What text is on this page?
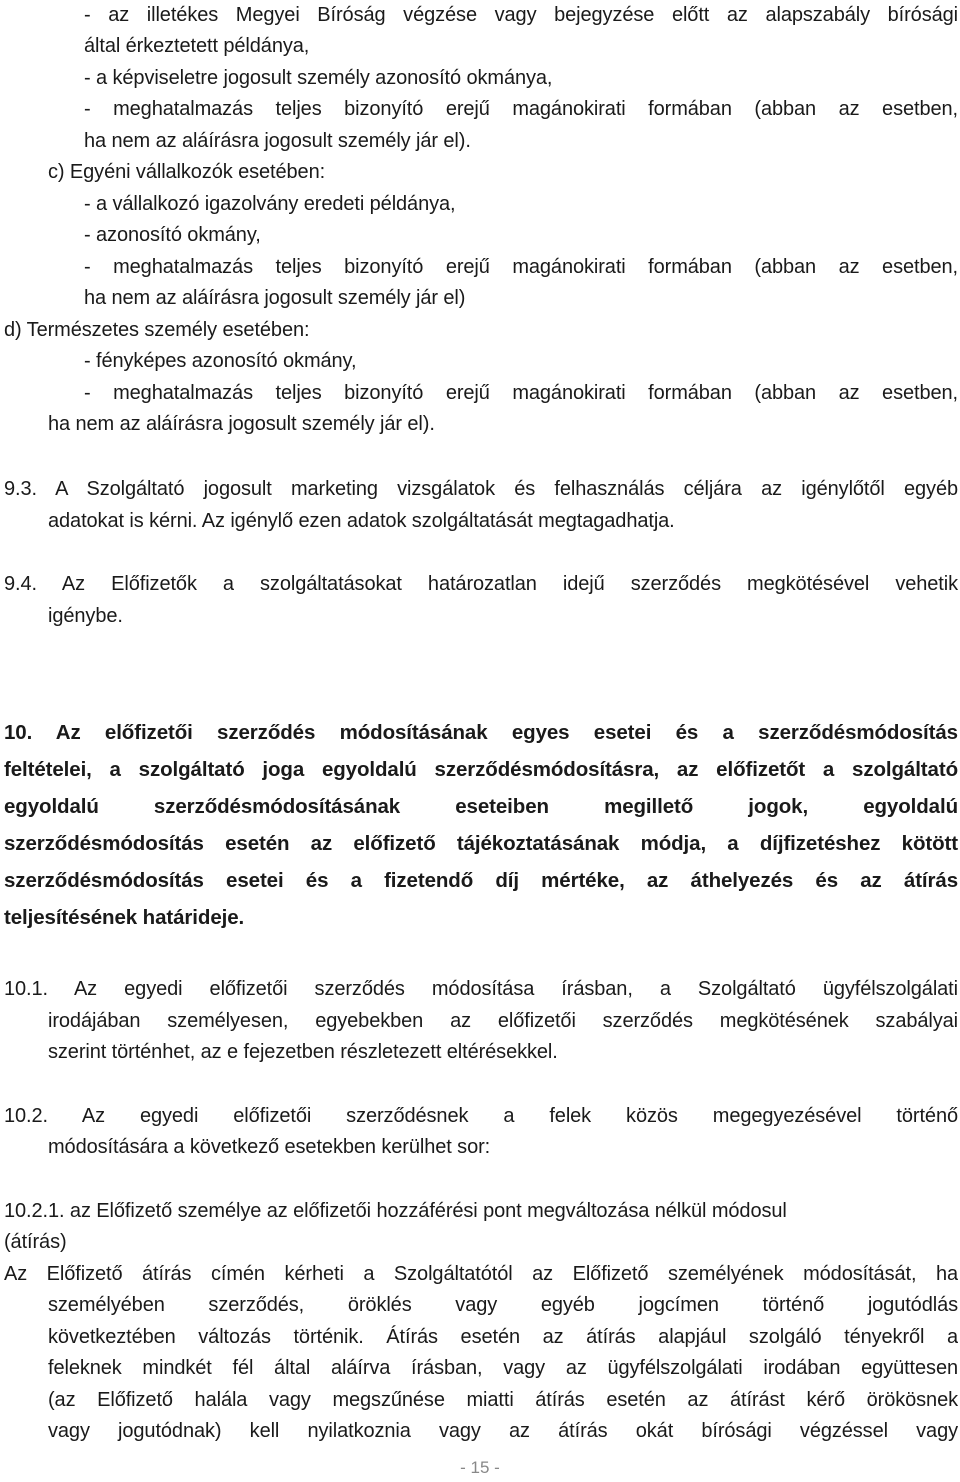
- az illetékes Megyei Bíróság végzése vagy bejegyzése előtt az alapszabály bírósági
által érkeztetett példánya,
- a képviseletre jogosult személy azonosító okmánya,
- meghatalmazás teljes bizonyító erejű magánokirati formában (abban az esetben,
ha nem az aláírásra jogosult személy jár el).
c) Egyéni vállalkozók esetében:
- a vállalkozó igazolvány eredeti példánya,
- azonosító okmány,
- meghatalmazás teljes bizonyító erejű magánokirati formában (abban az esetben,
ha nem az aláírásra jogosult személy jár el)
d) Természetes személy esetében:
- fényképes azonosító okmány,
- meghatalmazás teljes bizonyító erejű magánokirati formában (abban az esetben,
ha nem az aláírásra jogosult személy jár el).
9.3. A Szolgáltató jogosult marketing vizsgálatok és felhasználás céljára az igénylőtől egyéb
adatokat is kérni. Az igénylő ezen adatok szolgáltatását megtagadhatja.
9.4. Az Előfizetők a szolgáltatásokat határozatlan idejű szerződés megkötésével vehetik
igénybe.
10. Az előfizetői szerződés módosításának egyes esetei és a szerződésmódosítás
feltételei, a szolgáltató joga egyoldalú szerződésmódosításra, az előfizetőt a szolgáltató
egyoldalú szerződésmódosításának eseteiben megillető jogok, egyoldalú
szerződésmódosítás esetén az előfizető tájékoztatásának módja, a díjfizetéshez kötött
szerződésmódosítás esetei és a fizetendő díj mértéke, az áthelyezés és az átírás
teljesítésének határideje.
10.1. Az egyedi előfizetői szerződés módosítása írásban, a Szolgáltató ügyfélszolgálati
irodájában személyesen, egyebekben az előfizetői szerződés megkötésének szabályai
szerint történhet, az e fejezetben részletezett eltérésekkel.
10.2. Az egyedi előfizetői szerződésnek a felek közös megegyezésével történő
módosítására a következő esetekben kerülhet sor:
10.2.1. az Előfizető személye az előfizetői hozzáférési pont megváltozása nélkül módosul
(átírás)
Az Előfizető átírás címén kérheti a Szolgáltatótól az Előfizető személyének módosítását, ha
személyében szerződés, öröklés vagy egyéb jogcímen történő jogutódlás
következtében változás történik. Átírás esetén az átírás alapjául szolgáló tényekről a
feleknek mindkét fél által aláírva írásban, vagy az ügyfélszolgálati irodában együttesen
(az Előfizető halála vagy megszűnése miatti átírás esetén az átírást kérő örökösnek
vagy jogutódnak) kell nyilatkoznia vagy az átírás okát bírósági végzéssel vagy
- 15 -
